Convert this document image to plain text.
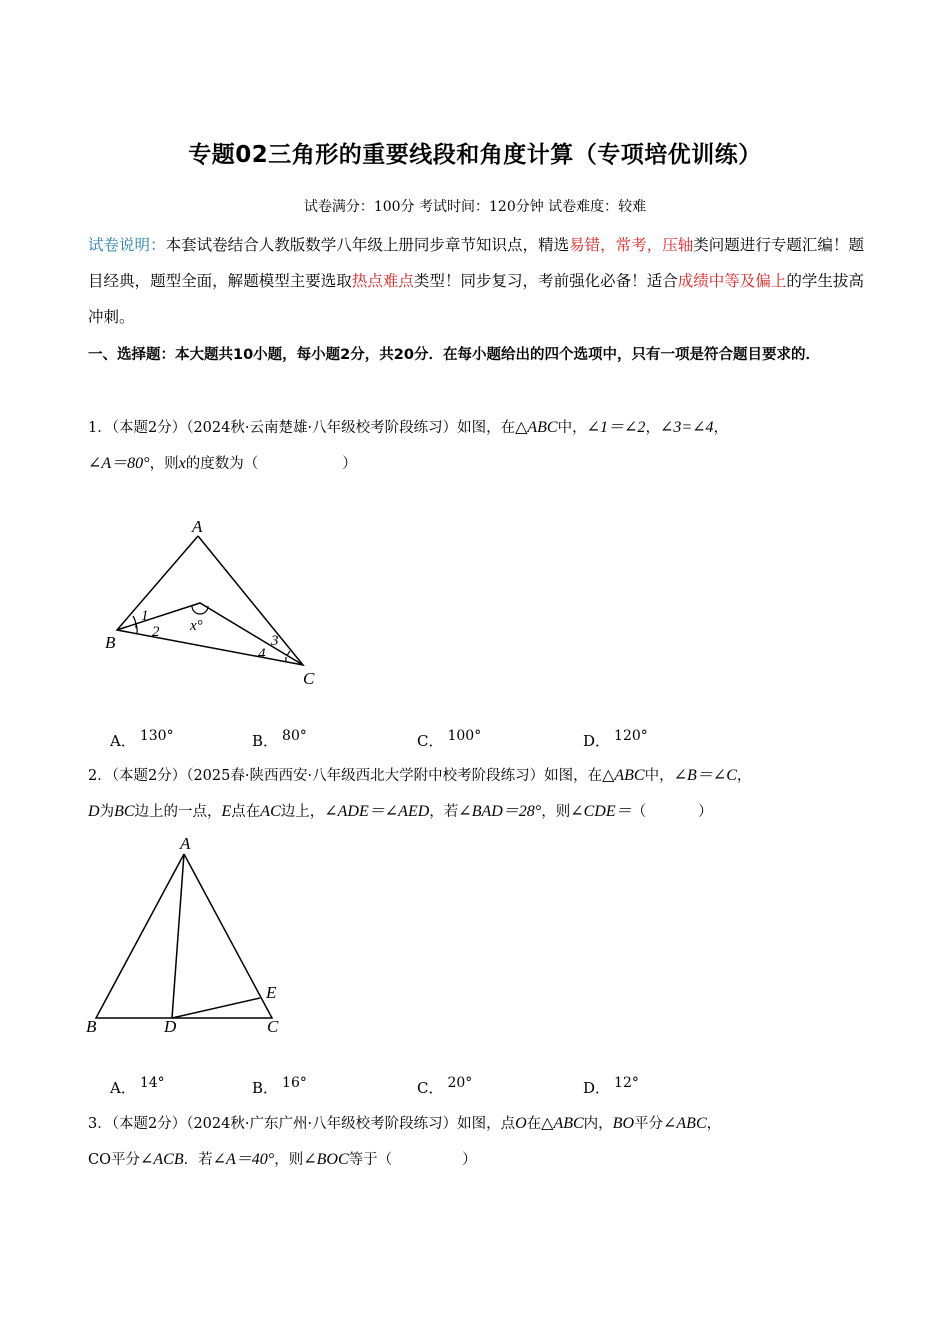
专题02三角形的重要线段和角度计算（专项培优训练）
试卷满分：100分 考试时间：120分钟 试卷难度：较难
试卷说明：本套试卷结合人教版数学八年级上册同步章节知识点，精选易错，常考，压轴类问题进行专题汇编！题目经典，题型全面，解题模型主要选取热点难点类型！同步复习，考前强化必备！适合成绩中等及偏上的学生拔高冲刺。
一、选择题：本大题共10小题，每小题2分，共20分．在每小题给出的四个选项中，只有一项是符合题目要求的．
1．（本题2分）（2024秋·云南楚雄·八年级校考阶段练习）如图，在△ABC中，∠1＝∠2，∠3=∠4，
∠A＝80°，则x的度数为（	）
A
B
C
1
2
3
4
x°
A． 130°	B． 80°	C． 100°	D． 120°
2．（本题2分）（2025春·陕西西安·八年级西北大学附中校考阶段练习）如图，在△ABC中，∠B＝∠C，
D为BC边上的一点，E点在AC边上，∠ADE＝∠AED，若∠BAD＝28°，则∠CDE＝（	）
A
B	C
D
E
A． 14°	B． 16°	C． 20°	D． 12°
3．（本题2分）（2024秋·广东广州·八年级校考阶段练习）如图，点O在△ABC内，BO平分∠ABC，
CO平分∠ACB．若∠A＝40°，则∠BOC等于（	）
